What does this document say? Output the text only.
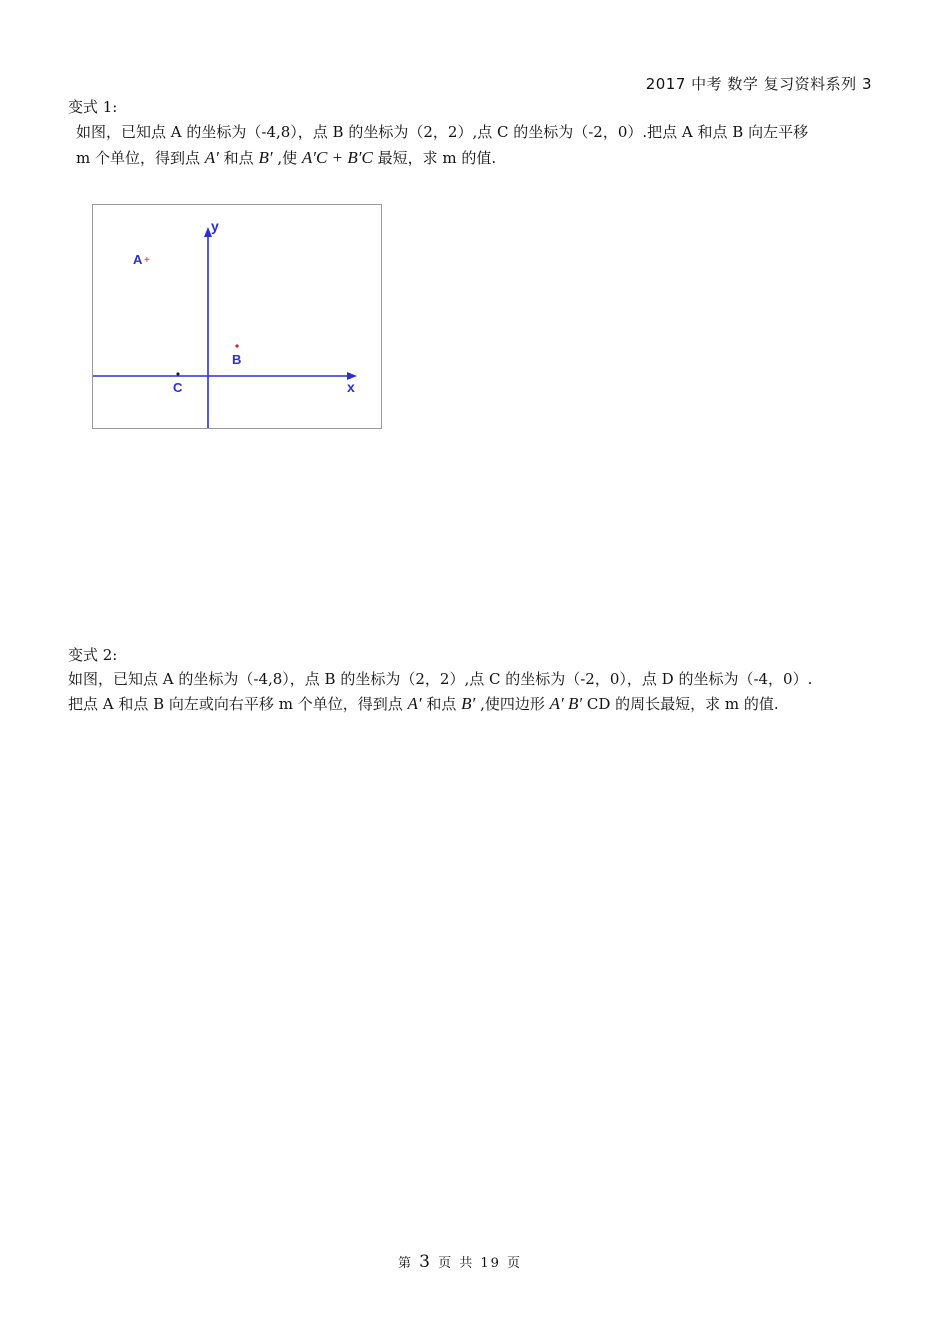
2017 中考 数学 复习资料系列 3
变式 1:
如图，已知点 A 的坐标为（-4,8），点 B 的坐标为（2，2）,点 C 的坐标为（-2，0）.把点 A 和点 B 向左平移
m 个单位，得到点 A′ 和点 B′ ,使 A′C + B′C 最短，求 m 的值.
y
x
A +
B
C
变式 2:
如图，已知点 A 的坐标为（-4,8），点 B 的坐标为（2，2）,点 C 的坐标为（-2，0），点 D 的坐标为（-4，0）.
把点 A 和点 B 向左或向右平移 m 个单位，得到点 A′ 和点 B′ ,使四边形 A′ B′ CD 的周长最短，求 m 的值.
第 3 页 共 19 页
